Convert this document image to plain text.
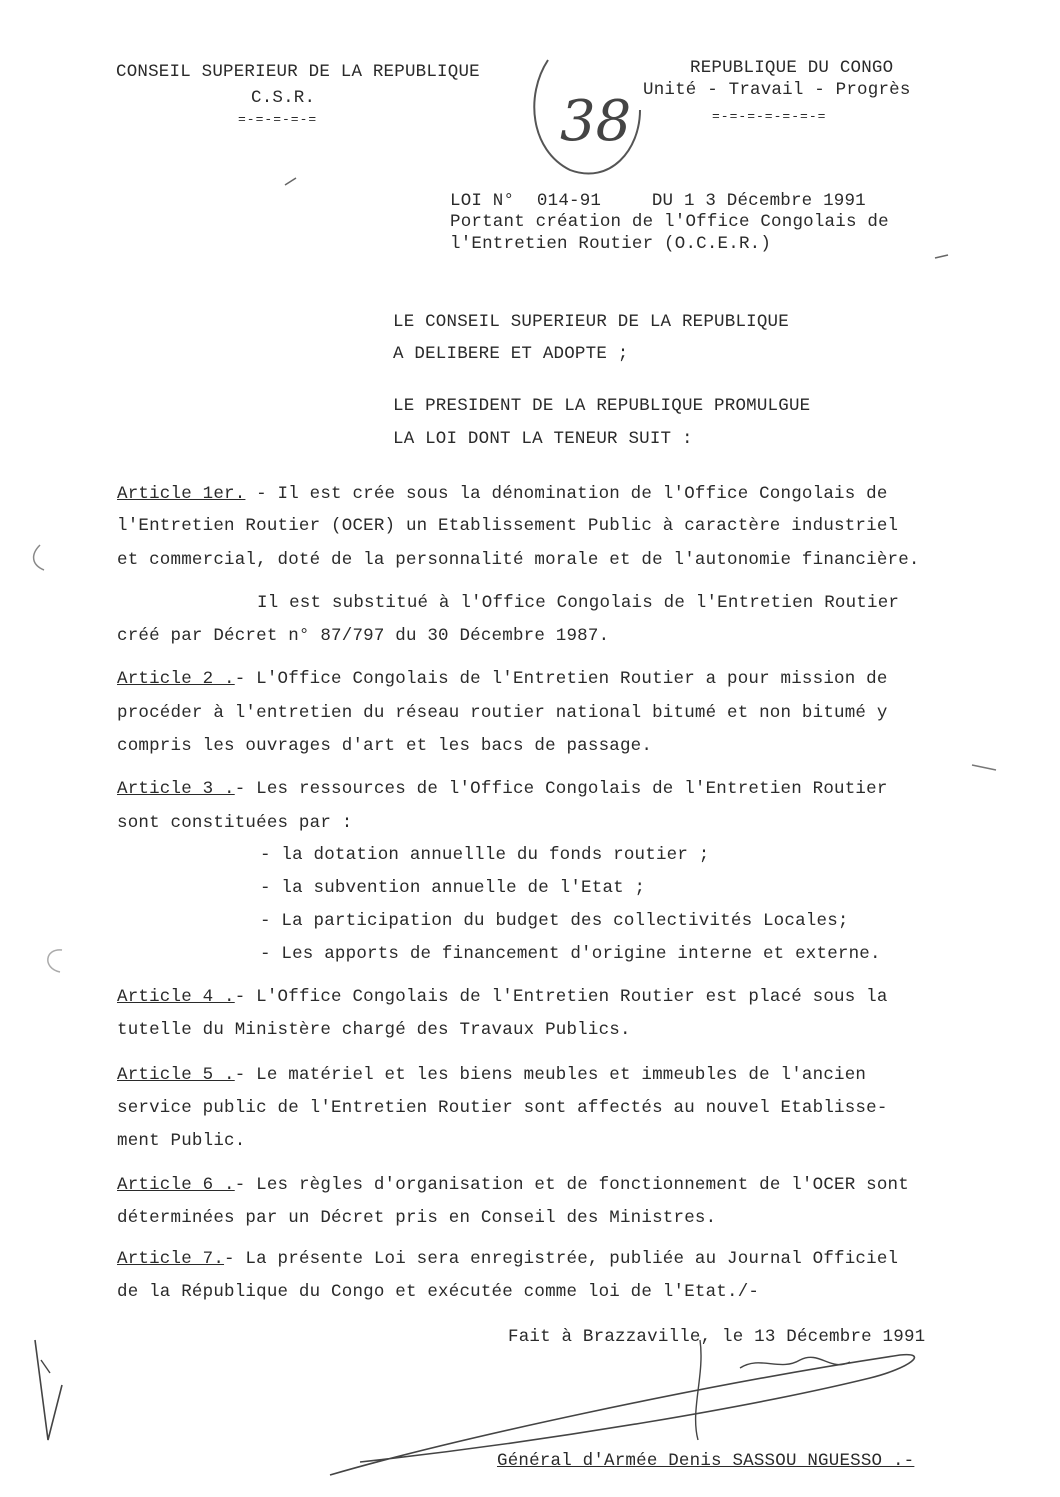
CONSEIL SUPERIEUR DE LA REPUBLIQUE
C.S.R.
=-=-=-=-=
REPUBLIQUE DU CONGO
Unité - Travail - Progrès
=-=-=-=-=-=-=
38
LOI N° 014-91	DU 1 3 Décembre 1991
Portant création de l'Office Congolais de
l'Entretien Routier (O.C.E.R.)
LE CONSEIL SUPERIEUR DE LA REPUBLIQUE
A DELIBERE ET ADOPTE ;
LE PRESIDENT DE LA REPUBLIQUE PROMULGUE
LA LOI DONT LA TENEUR SUIT :
Article 1er. - Il est crée sous la dénomination de l'Office Congolais de
l'Entretien Routier (OCER) un Etablissement Public à caractère industriel
et commercial, doté de la personnalité morale et de l'autonomie financière.
Il est substitué à l'Office Congolais de l'Entretien Routier
créé par Décret n° 87/797 du 30 Décembre 1987.
Article 2 .- L'Office Congolais de l'Entretien Routier a pour mission de
procéder à l'entretien du réseau routier national bitumé et non bitumé y
compris les ouvrages d'art et les bacs de passage.
Article 3 .- Les ressources de l'Office Congolais de l'Entretien Routier
sont constituées par :
- la dotation annuellle du fonds routier ;
- la subvention annuelle de l'Etat ;
- La participation du budget des collectivités Locales;
- Les apports de financement d'origine interne et externe.
Article 4 .- L'Office Congolais de l'Entretien Routier est placé sous la
tutelle du Ministère chargé des Travaux Publics.
Article 5 .- Le matériel et les biens meubles et immeubles de l'ancien
service public de l'Entretien Routier sont affectés au nouvel Etablisse-
ment Public.
Article 6 .- Les règles d'organisation et de fonctionnement de l'OCER sont
déterminées par un Décret pris en Conseil des Ministres.
Article 7.- La présente Loi sera enregistrée, publiée au Journal Officiel
de la République du Congo et exécutée comme loi de l'Etat./-
Fait à Brazzaville, le 13 Décembre 1991
Général d'Armée Denis SASSOU NGUESSO .-
